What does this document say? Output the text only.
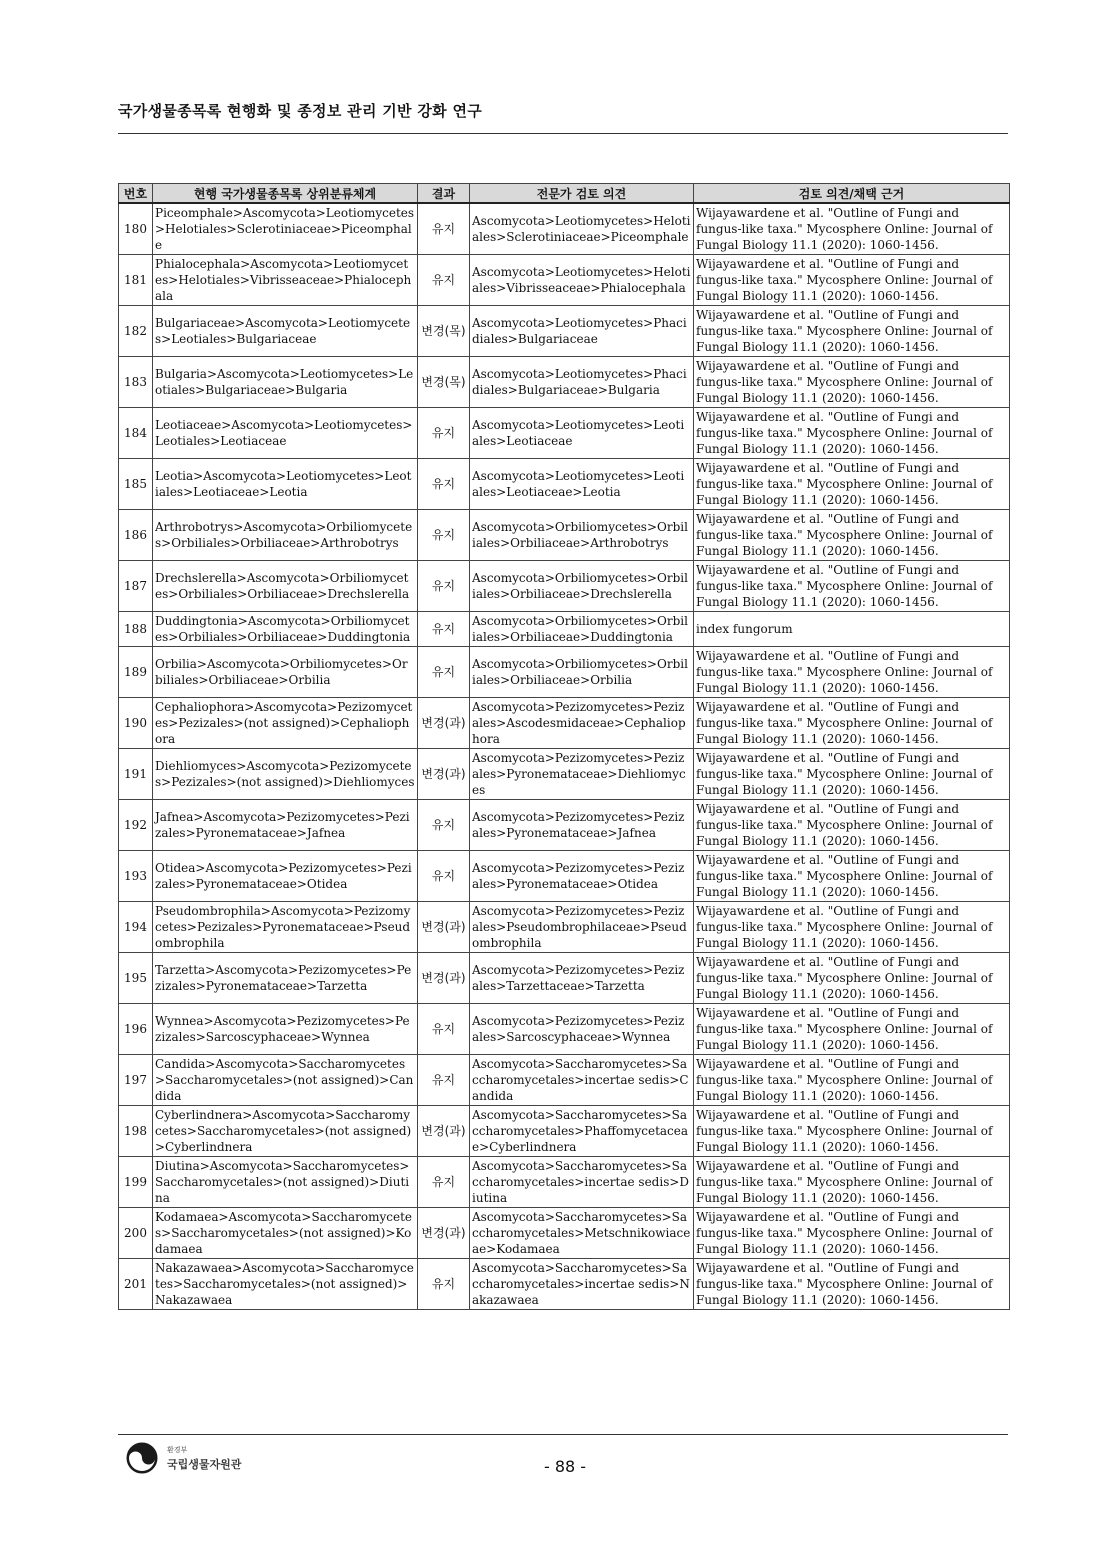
국가생물종목록 현행화 및 종정보 관리 기반 강화 연구
번호	현행 국가생물종목록 상위분류체계	결과	전문가 검토 의견	검토 의견/채택 근거
180	Piceomphale>Ascomycota>Leotiomycetes>Helotiales>Sclerotiniaceae>Piceomphale	유지	Ascomycota>Leotiomycetes>Helotiales>Sclerotiniaceae>Piceomphale	Wijayawardene et al. "Outline of Fungi and fungus-like taxa." Mycosphere Online: Journal of Fungal Biology 11.1 (2020): 1060-1456.
181	Phialocephala>Ascomycota>Leotiomycetes>Helotiales>Vibrisseaceae>Phialocephala	유지	Ascomycota>Leotiomycetes>Helotiales>Vibrisseaceae>Phialocephala	Wijayawardene et al. "Outline of Fungi and fungus-like taxa." Mycosphere Online: Journal of Fungal Biology 11.1 (2020): 1060-1456.
182	Bulgariaceae>Ascomycota>Leotiomycetes>Leotiales>Bulgariaceae	변경(목)	Ascomycota>Leotiomycetes>Phacidiales>Bulgariaceae	Wijayawardene et al. "Outline of Fungi and fungus-like taxa." Mycosphere Online: Journal of Fungal Biology 11.1 (2020): 1060-1456.
183	Bulgaria>Ascomycota>Leotiomycetes>Leotiales>Bulgariaceae>Bulgaria	변경(목)	Ascomycota>Leotiomycetes>Phacidiales>Bulgariaceae>Bulgaria	Wijayawardene et al. "Outline of Fungi and fungus-like taxa." Mycosphere Online: Journal of Fungal Biology 11.1 (2020): 1060-1456.
184	Leotiaceae>Ascomycota>Leotiomycetes>Leotiales>Leotiaceae	유지	Ascomycota>Leotiomycetes>Leotiales>Leotiaceae	Wijayawardene et al. "Outline of Fungi and fungus-like taxa." Mycosphere Online: Journal of Fungal Biology 11.1 (2020): 1060-1456.
185	Leotia>Ascomycota>Leotiomycetes>Leotiales>Leotiaceae>Leotia	유지	Ascomycota>Leotiomycetes>Leotiales>Leotiaceae>Leotia	Wijayawardene et al. "Outline of Fungi and fungus-like taxa." Mycosphere Online: Journal of Fungal Biology 11.1 (2020): 1060-1456.
186	Arthrobotrys>Ascomycota>Orbiliomycetes>Orbiliales>Orbiliaceae>Arthrobotrys	유지	Ascomycota>Orbiliomycetes>Orbiliales>Orbiliaceae>Arthrobotrys	Wijayawardene et al. "Outline of Fungi and fungus-like taxa." Mycosphere Online: Journal of Fungal Biology 11.1 (2020): 1060-1456.
187	Drechslerella>Ascomycota>Orbiliomycetes>Orbiliales>Orbiliaceae>Drechslerella	유지	Ascomycota>Orbiliomycetes>Orbiliales>Orbiliaceae>Drechslerella	Wijayawardene et al. "Outline of Fungi and fungus-like taxa." Mycosphere Online: Journal of Fungal Biology 11.1 (2020): 1060-1456.
188	Duddingtonia>Ascomycota>Orbiliomycetes>Orbiliales>Orbiliaceae>Duddingtonia	유지	Ascomycota>Orbiliomycetes>Orbiliales>Orbiliaceae>Duddingtonia	index fungorum
189	Orbilia>Ascomycota>Orbiliomycetes>Orbiliales>Orbiliaceae>Orbilia	유지	Ascomycota>Orbiliomycetes>Orbiliales>Orbiliaceae>Orbilia	Wijayawardene et al. "Outline of Fungi and fungus-like taxa." Mycosphere Online: Journal of Fungal Biology 11.1 (2020): 1060-1456.
190	Cephaliophora>Ascomycota>Pezizomycetes>Pezizales>(not assigned)>Cephaliophora	변경(과)	Ascomycota>Pezizomycetes>Pezizales>Ascodesmidaceae>Cephaliophora	Wijayawardene et al. "Outline of Fungi and fungus-like taxa." Mycosphere Online: Journal of Fungal Biology 11.1 (2020): 1060-1456.
191	Diehliomyces>Ascomycota>Pezizomycetes>Pezizales>(not assigned)>Diehliomyces	변경(과)	Ascomycota>Pezizomycetes>Pezizales>Pyronemataceae>Diehliomyces	Wijayawardene et al. "Outline of Fungi and fungus-like taxa." Mycosphere Online: Journal of Fungal Biology 11.1 (2020): 1060-1456.
192	Jafnea>Ascomycota>Pezizomycetes>Pezizales>Pyronemataceae>Jafnea	유지	Ascomycota>Pezizomycetes>Pezizales>Pyronemataceae>Jafnea	Wijayawardene et al. "Outline of Fungi and fungus-like taxa." Mycosphere Online: Journal of Fungal Biology 11.1 (2020): 1060-1456.
193	Otidea>Ascomycota>Pezizomycetes>Pezizales>Pyronemataceae>Otidea	유지	Ascomycota>Pezizomycetes>Pezizales>Pyronemataceae>Otidea	Wijayawardene et al. "Outline of Fungi and fungus-like taxa." Mycosphere Online: Journal of Fungal Biology 11.1 (2020): 1060-1456.
194	Pseudombrophila>Ascomycota>Pezizomycetes>Pezizales>Pyronemataceae>Pseudombrophila	변경(과)	Ascomycota>Pezizomycetes>Pezizales>Pseudombrophilaceae>Pseudombrophila	Wijayawardene et al. "Outline of Fungi and fungus-like taxa." Mycosphere Online: Journal of Fungal Biology 11.1 (2020): 1060-1456.
195	Tarzetta>Ascomycota>Pezizomycetes>Pezizales>Pyronemataceae>Tarzetta	변경(과)	Ascomycota>Pezizomycetes>Pezizales>Tarzettaceae>Tarzetta	Wijayawardene et al. "Outline of Fungi and fungus-like taxa." Mycosphere Online: Journal of Fungal Biology 11.1 (2020): 1060-1456.
196	Wynnea>Ascomycota>Pezizomycetes>Pezizales>Sarcoscyphaceae>Wynnea	유지	Ascomycota>Pezizomycetes>Pezizales>Sarcoscyphaceae>Wynnea	Wijayawardene et al. "Outline of Fungi and fungus-like taxa." Mycosphere Online: Journal of Fungal Biology 11.1 (2020): 1060-1456.
197	Candida>Ascomycota>Saccharomycetes>Saccharomycetales>(not assigned)>Candida	유지	Ascomycota>Saccharomycetes>Saccharomycetales>incertae sedis>Candida	Wijayawardene et al. "Outline of Fungi and fungus-like taxa." Mycosphere Online: Journal of Fungal Biology 11.1 (2020): 1060-1456.
198	Cyberlindnera>Ascomycota>Saccharomycetes>Saccharomycetales>(not assigned)>Cyberlindnera	변경(과)	Ascomycota>Saccharomycetes>Saccharomycetales>Phaffomycetaceae>Cyberlindnera	Wijayawardene et al. "Outline of Fungi and fungus-like taxa." Mycosphere Online: Journal of Fungal Biology 11.1 (2020): 1060-1456.
199	Diutina>Ascomycota>Saccharomycetes>Saccharomycetales>(not assigned)>Diutina	유지	Ascomycota>Saccharomycetes>Saccharomycetales>incertae sedis>Diutina	Wijayawardene et al. "Outline of Fungi and fungus-like taxa." Mycosphere Online: Journal of Fungal Biology 11.1 (2020): 1060-1456.
200	Kodamaea>Ascomycota>Saccharomycetes>Saccharomycetales>(not assigned)>Kodamaea	변경(과)	Ascomycota>Saccharomycetes>Saccharomycetales>Metschnikowiaceae>Kodamaea	Wijayawardene et al. "Outline of Fungi and fungus-like taxa." Mycosphere Online: Journal of Fungal Biology 11.1 (2020): 1060-1456.
201	Nakazawaea>Ascomycota>Saccharomycetes>Saccharomycetales>(not assigned)>Nakazawaea	유지	Ascomycota>Saccharomycetes>Saccharomycetales>incertae sedis>Nakazawaea	Wijayawardene et al. "Outline of Fungi and fungus-like taxa." Mycosphere Online: Journal of Fungal Biology 11.1 (2020): 1060-1456.
환경부
국립생물자원관	- 88 -
